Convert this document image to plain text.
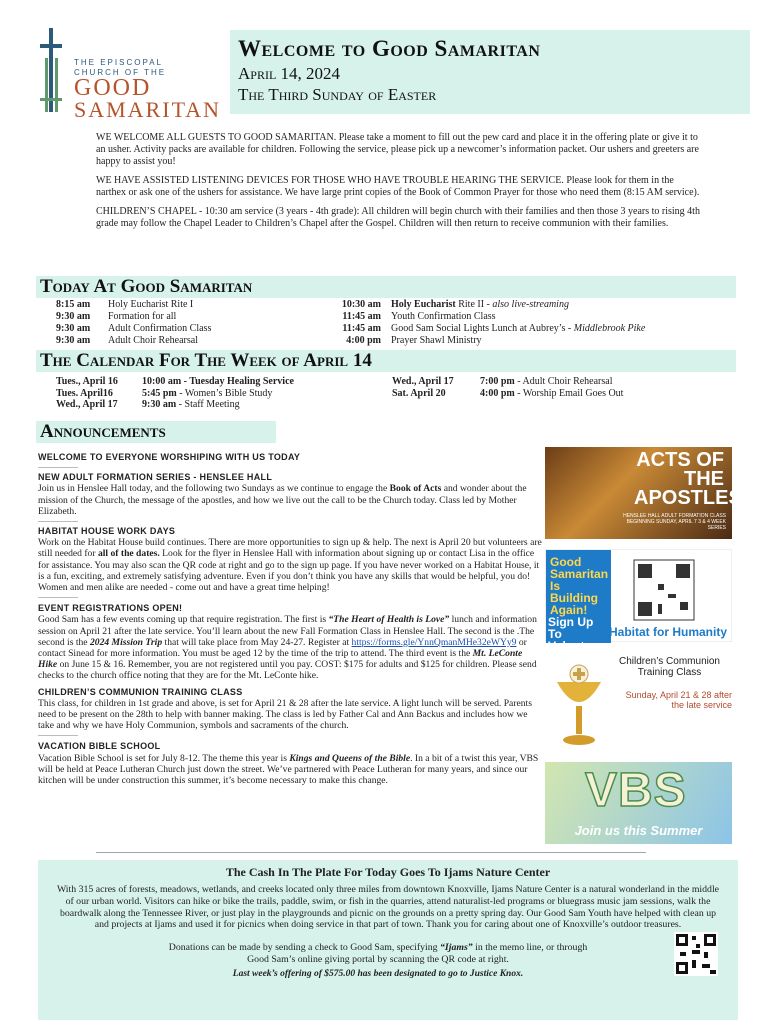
THE EPISCOPAL
CHURCH OF THE
GOOD
SAMARITAN
Welcome to Good Samaritan
April 14, 2024
The Third Sunday of Easter

WE WELCOME ALL GUESTS TO GOOD SAMARITAN. Please take a moment to fill out the pew card and place it in the offering plate or give it to an usher. Activity packs are available for children. Following the service, please pick up a newcomer’s information packet. Our ushers and greeters are happy to assist you!

WE HAVE ASSISTED LISTENING DEVICES FOR THOSE WHO HAVE TROUBLE HEARING THE SERVICE. Please look for them in the narthex or ask one of the ushers for assistance. We have large print copies of the Book of Common Prayer for those who need them (8:15 AM service).

CHILDREN’S CHAPEL - 10:30 am service (3 years - 4th grade): All children will begin church with their families and then those 3 years to rising 4th grade may follow the Chapel Leader to Children’s Chapel after the Gospel. Children will then return to receive communion with their families.

Today At Good Samaritan
8:15 am	Holy Eucharist Rite I
9:30 am	Formation for all
9:30 am	Adult Confirmation Class
9:30 am	Adult Choir Rehearsal
10:30 am Holy Eucharist Rite II - also live-streaming
11:45 am Youth Confirmation Class
11:45 am Good Sam Social Lights Lunch at Aubrey’s - Middlebrook Pike
4:00 pm Prayer Shawl Ministry
The Calendar For The Week of April 14
Tues., April 16	10:00 am - Tuesday Healing Service
Tues. April16	5:45 pm - Women’s Bible Study
Wed., April 17	9:30 am - Staff Meeting
Wed., April 17	7:00 pm - Adult Choir Rehearsal
Sat. April 20	4:00 pm - Worship Email Goes Out
Announcements
WELCOME TO EVERYONE WORSHIPING WITH US TODAY
NEW ADULT FORMATION SERIES - HENSLEE HALL
Join us in Henslee Hall today, and the following two Sundays as we continue to engage the Book of Acts and wonder about the mission of the Church, the message of the apostles, and how we live out the call to be the Church today. Class led by Mother Elizabeth.
HABITAT HOUSE WORK DAYS
Work on the Habitat House build continues. There are more opportunities to sign up & help. The next is April 20 but volunteers are still needed for all of the dates. Look for the flyer in Henslee Hall with information about signing up or contact Lisa in the office for assistance. You may also scan the QR code at right and go to the sign up page. If you have never worked on a Habitat House, it is a fun, exciting, and extremely satisfying adventure. Even if you don’t think you have any skills that would be helpful, you do! Women and men alike are needed - come out and have a great time helping!
EVENT REGISTRATIONS OPEN!
Good Sam has a few events coming up that require registration. The first is “The Heart of Health is Love” lunch and information session on April 21 after the late service. You’ll learn about the new Fall Formation Class in Henslee Hall. The second is the .The second is the 2024 Mission Trip that will take place from May 24-27. Register at https://forms.gle/YnnQmanMHe32eWYy9 or contact Sinead for more information. You must be aged 12 by the time of the trip to attend. The third event is the Mt. LeConte Hike on June 15 & 16. Remember, you are not registered until you pay. COST: $175 for adults and $125 for children. Please send checks to the church office noting that they are for the Mt. LeConte hike.
CHILDREN’S COMMUNION TRAINING CLASS
This class, for children in 1st grade and above, is set for April 21 & 28 after the late service. A light lunch will be served. Parents need to be present on the 28th to help with banner making. The class is led by Father Cal and Ann Backus and includes how we take and why we have Holy Communion, symbols and sacraments of the church.
VACATION BIBLE SCHOOL
Vacation Bible School is set for July 8-12. The theme this year is Kings and Queens of the Bible. In a bit of a twist this year, VBS will be held at Peace Lutheran Church just down the street. We’ve partnered with Peace Lutheran for many years, and since our kitchen will be under construction this summer, it’s become necessary to make this change.
ACTS OF THE APOSTLES
HENSLEE HALL ADULT FORMATION CLASS BEGINNING SUNDAY, APRIL 7 3 & 4 WEEK SERIES
Good Samaritan Is Building Again!
Sign Up To Volunteer
Habitat for Humanity
Children’s Communion Training Class
Sunday, April 21 & 28 after the late service
VBS
Join us this Summer
The Cash In The Plate For Today Goes To Ijams Nature Center
With 315 acres of forests, meadows, wetlands, and creeks located only three miles from downtown Knoxville, Ijams Nature Center is a natural wonderland in the middle of our urban world. Visitors can hike or bike the trails, paddle, swim, or fish in the quarries, attend naturalist-led programs or bluegrass music jam sessions, walk the boardwalk along the Tennessee River, or just play in the playgrounds and picnic on the grounds on a pretty spring day. Our Good Sam Youth have helped with clean up and projects at Ijams and used it for picnics when doing service in that part of town. Thank you for caring about one of Knoxville’s outdoor treasures.
Donations can be made by sending a check to Good Sam, specifying “Ijams” in the memo line, or through Good Sam’s online giving portal by scanning the QR code at right.
Last week’s offering of $575.00 has been designated to go to Justice Knox.
